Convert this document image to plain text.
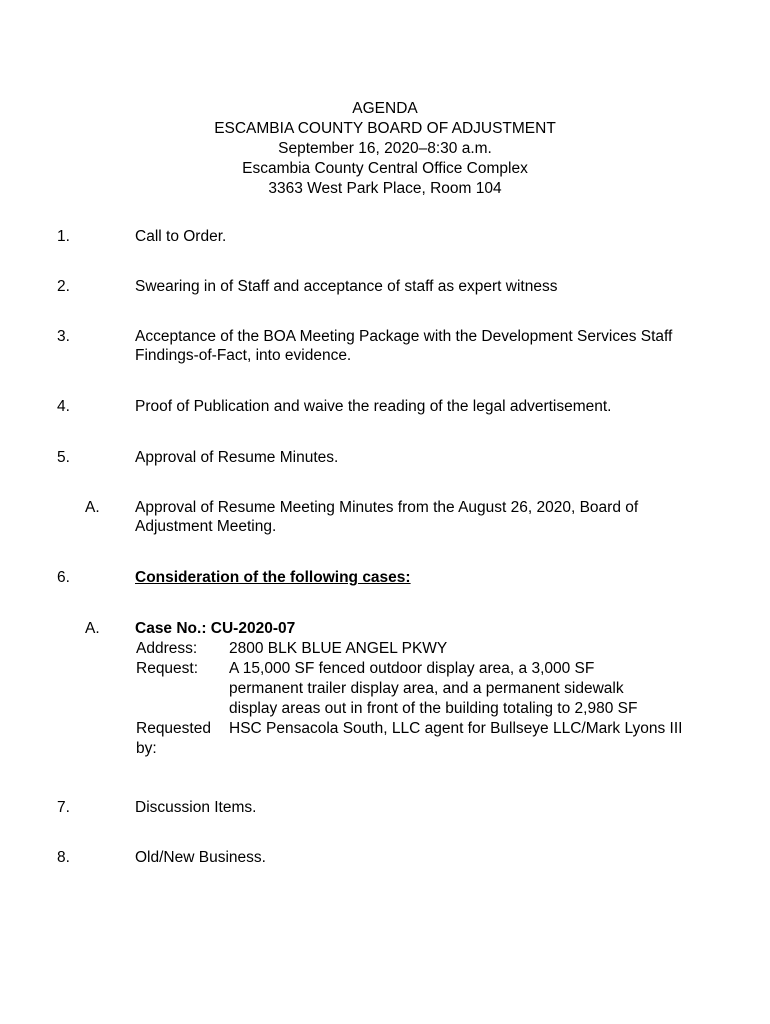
AGENDA
ESCAMBIA COUNTY BOARD OF ADJUSTMENT
September 16, 2020–8:30 a.m.
Escambia County Central Office Complex
3363 West Park Place, Room 104
1.	Call to Order.
2.	Swearing in of Staff and acceptance of staff as expert witness
3.	Acceptance of the BOA Meeting Package with the Development Services Staff Findings-of-Fact, into evidence.
4.	Proof of Publication and waive the reading of the legal advertisement.
5.	Approval of Resume Minutes.
A. Approval of Resume Meeting Minutes from the August 26, 2020, Board of Adjustment Meeting.
6.	Consideration of the following cases:
A. Case No.: CU-2020-07
Address:	2800 BLK BLUE ANGEL PKWY
Request:	A 15,000 SF fenced outdoor display area, a 3,000 SF permanent trailer display area, and a permanent sidewalk display areas out in front of the building totaling to 2,980 SF
Requested by:	HSC Pensacola South, LLC agent for Bullseye LLC/Mark Lyons III
7.	Discussion Items.
8.	Old/New Business.
